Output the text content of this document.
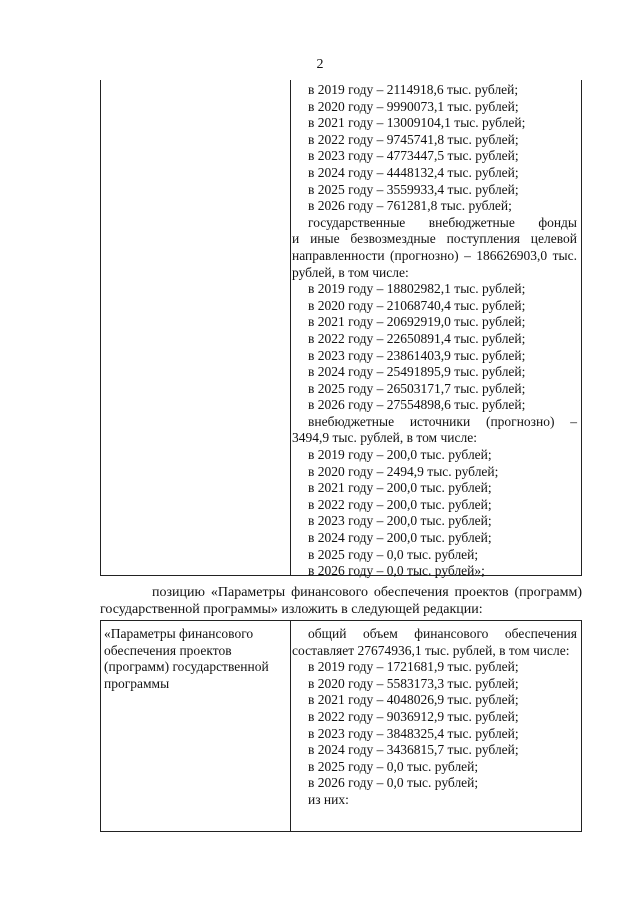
2
в 2019 году – 2114918,6 тыс. рублей;
в 2020 году – 9990073,1 тыс. рублей;
в 2021 году – 13009104,1 тыс. рублей;
в 2022 году – 9745741,8 тыс. рублей;
в 2023 году – 4773447,5 тыс. рублей;
в 2024 году – 4448132,4 тыс. рублей;
в 2025 году – 3559933,4 тыс. рублей;
в 2026 году – 761281,8 тыс. рублей;
государственные внебюджетные фонды
и иные безвозмездные поступления целевой
направленности (прогнозно) – 186626903,0 тыс.
рублей, в том числе:
в 2019 году – 18802982,1 тыс. рублей;
в 2020 году – 21068740,4 тыс. рублей;
в 2021 году – 20692919,0 тыс. рублей;
в 2022 году – 22650891,4 тыс. рублей;
в 2023 году – 23861403,9 тыс. рублей;
в 2024 году – 25491895,9 тыс. рублей;
в 2025 году – 26503171,7 тыс. рублей;
в 2026 году – 27554898,6 тыс. рублей;
внебюджетные источники (прогнозно) –
3494,9 тыс. рублей, в том числе:
в 2019 году – 200,0 тыс. рублей;
в 2020 году – 2494,9 тыс. рублей;
в 2021 году – 200,0 тыс. рублей;
в 2022 году – 200,0 тыс. рублей;
в 2023 году – 200,0 тыс. рублей;
в 2024 году – 200,0 тыс. рублей;
в 2025 году – 0,0 тыс. рублей;
в 2026 году – 0,0 тыс. рублей»;
позицию «Параметры финансового обеспечения проектов (программ)
государственной программы» изложить в следующей редакции:
«Параметры финансового
обеспечения проектов
(программ) государственной
программы
общий объем финансового обеспечения
составляет 27674936,1 тыс. рублей, в том числе:
в 2019 году – 1721681,9 тыс. рублей;
в 2020 году – 5583173,3 тыс. рублей;
в 2021 году – 4048026,9 тыс. рублей;
в 2022 году – 9036912,9 тыс. рублей;
в 2023 году – 3848325,4 тыс. рублей;
в 2024 году – 3436815,7 тыс. рублей;
в 2025 году – 0,0 тыс. рублей;
в 2026 году – 0,0 тыс. рублей;
из них:
